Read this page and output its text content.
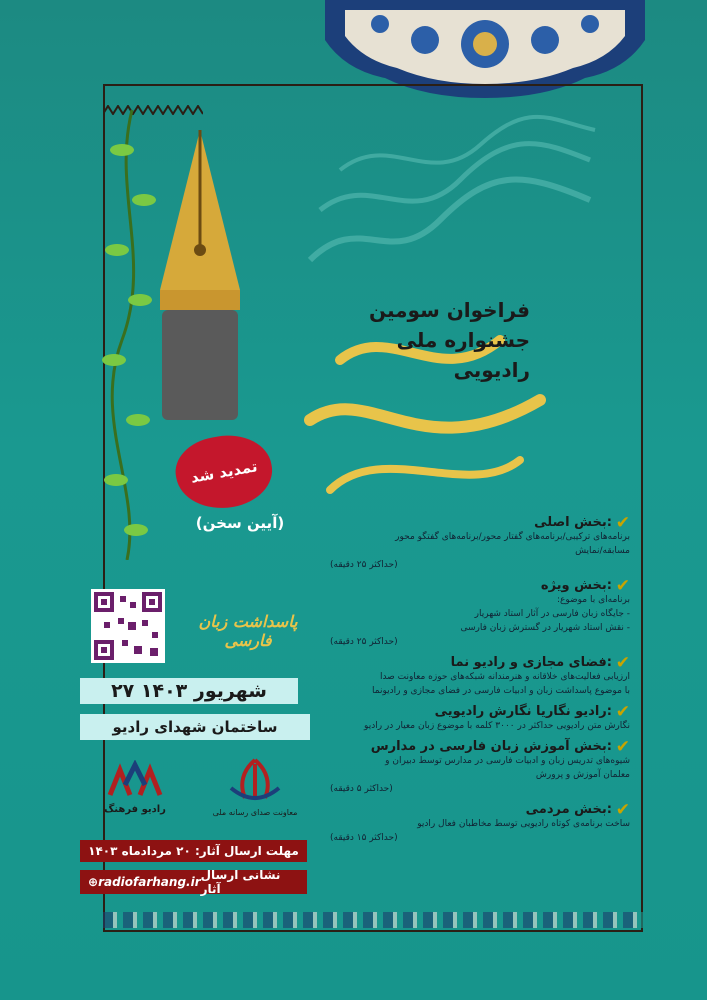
فراخوان سومین
جشنواره ملی
رادیویی
تمدید شد
(آیین سخن)
پاسداشت زبان فارسی
۲۷ شهریور ۱۴۰۳
ساختمان شهدای رادیو
رادیو فرهنگ	معاونت صدای رسانه ملی
مهلت ارسال آثار: ۲۰ مردادماه ۱۴۰۳
⊕ radiofarhang.ir نشانی ارسال آثار
✔
بخش اصلی:
برنامه‌های ترکیبی/برنامه‌های گفتار محور/برنامه‌های گفتگو محور
مسابقه/نمایش
(حداکثر ۲۵ دقیقه)
✔
بخش ویژه:
برنامه‌ای با موضوع:
- جایگاه زبان فارسی در آثار استاد شهریار
- نقش استاد شهریار در گسترش زبان فارسی
(حداکثر ۲۵ دقیقه)
✔
فضای مجازی و رادیو نما:
ارزیابی فعالیت‌های خلاقانه و هنرمندانه شبکه‌های حوزه معاونت صدا
با موضوع پاسداشت زبان و ادبیات فارسی در فضای مجازی و رادیونما
✔
رادیو نگاریا نگارش رادیویی:
نگارش متن رادیویی حداکثر در ۳۰۰۰ کلمه با موضوع زبان معیار در رادیو
✔
بخش آموزش زبان فارسی در مدارس:
شیوه‌های تدریس زبان و ادبیات فارسی در مدارس توسط دبیران و
معلمان آموزش و پرورش
(حداکثر ۵ دقیقه)
✔
بخش مردمی:
ساخت برنامه‌ی کوتاه رادیویی توسط مخاطبان فعال رادیو
(حداکثر ۱۵ دقیقه)
